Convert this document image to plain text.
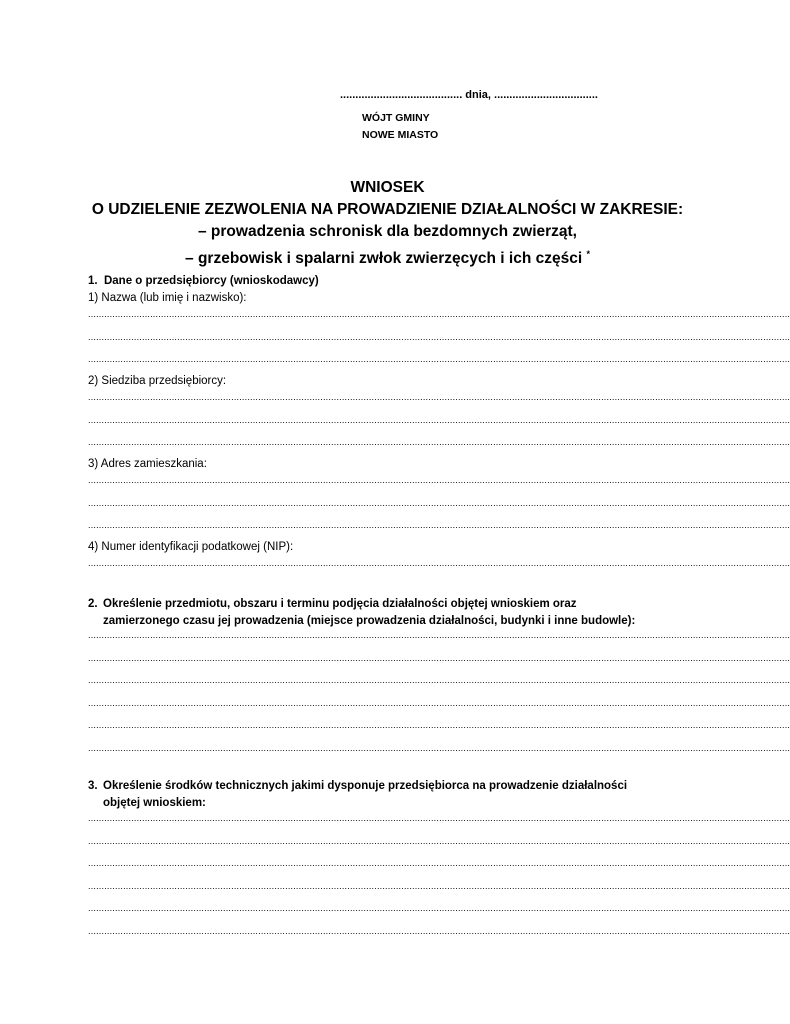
........................................ dnia, ..................................
WÓJT GMINY
NOWE MIASTO
WNIOSEK
O UDZIELENIE ZEZWOLENIA NA PROWADZIENIE DZIAŁALNOŚCI W ZAKRESIE:
– prowadzenia schronisk dla bezdomnych zwierząt,
– grzebowisk i spalarni zwłok zwierzęcych i ich części *
1. Dane o przedsiębiorcy (wnioskodawcy)
1) Nazwa (lub imię i nazwisko):
....................................................................................................................................................................................................................................................................
....................................................................................................................................................................................................................................................................
....................................................................................................................................................................................................................................................................
2) Siedziba przedsiębiorcy:
....................................................................................................................................................................................................................................................................
....................................................................................................................................................................................................................................................................
....................................................................................................................................................................................................................................................................
3) Adres zamieszkania:
....................................................................................................................................................................................................................................................................
....................................................................................................................................................................................................................................................................
....................................................................................................................................................................................................................................................................
4) Numer identyfikacji podatkowej (NIP):
....................................................................................................................................................................................................................................................................
2. Określenie przedmiotu, obszaru i terminu podjęcia działalności objętej wnioskiem oraz
zamierzonego czasu jej prowadzenia (miejsce prowadzenia działalności, budynki i inne budowle):
....................................................................................................................................................................................................................................................................
....................................................................................................................................................................................................................................................................
....................................................................................................................................................................................................................................................................
....................................................................................................................................................................................................................................................................
....................................................................................................................................................................................................................................................................
....................................................................................................................................................................................................................................................................
3. Określenie środków technicznych jakimi dysponuje przedsiębiorca na prowadzenie działalności
objętej wnioskiem:
....................................................................................................................................................................................................................................................................
....................................................................................................................................................................................................................................................................
....................................................................................................................................................................................................................................................................
....................................................................................................................................................................................................................................................................
....................................................................................................................................................................................................................................................................
....................................................................................................................................................................................................................................................................
